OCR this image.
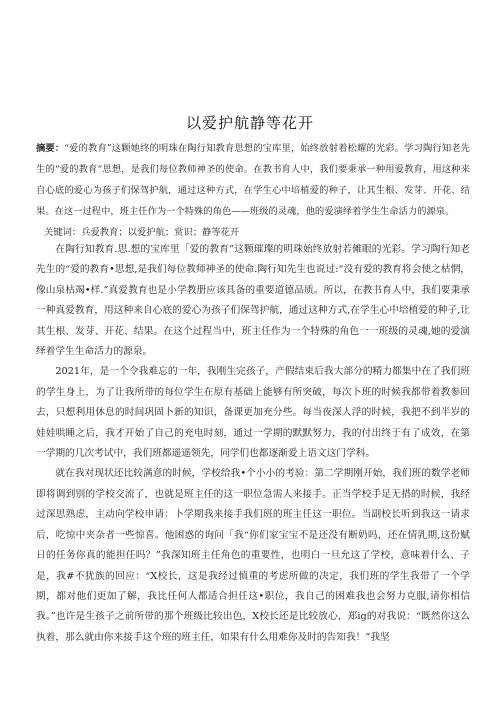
以爱护航静等花开
摘要：“爱的教育”这颗她终的明珠在陶行知教育思想的宝库里，始终放射着松耀的光彩。学习陶行知老先生的“爱的教育“思想，是我们每位教师神圣的使命。在教书育人中，我们要秉承一种用爱教育，用这种来自心底的爱心为孩子们保驾护航，通过这种方式，在学生心中培植爱的种子，让其生根、发芽、开花、结果。在这一过程中，班主任作为一个特殊的角色——班级的灵魂，他的爱演绎着学生生命活力的源泉。
关键词：兵爱教育；以爱护航；赏识；静等花开

在陶行知教育.思.想的宝库里「爱的教育”这颗璀璨的明珠始终放射若傩眼的光彩。学习陶行知老先生的“爱的教育•思想,是我们每位教师神圣的使命.陶行知先生也说过:“没有爱的教育将会使之枯惘，像山泉枯竭•样.”真爱教育也是小学教册应该具备的重要道德品质。所以，在教书育人中，我们要秉承一种真爱教育，用这种来自心底的爱心为孩子们保驾护航，通过这种方式,在学生心中培植爱的种子,让其生根、发芽、开花、结果。在这个过程当中，班主任作为一个特殊的角色一一班级的灵魂,她的爱演绎着学生生命活力的源泉。

2021年，是一个令我难忘的一年，我刚生完孩子，产假结束后我大部分的精力都集中在了我们班的学生身上，为了让我所带的每位学生在原有基础上能够有所突破，每次卜班的时候我都带着教参回去，只想利用休息的时间巩固卜新的知识，备课更加充分些。每当夜深人浮的时候，我把不到半岁的娃娃哄睡之后，我才开始了自己的充电时刻，通过一学期的默默努力，我的付出终于有了成效，在第一学期的几次考试中，我们班都遥遥领先，同学们也都逐渐爱上语文这门学科。

就在我对现状还比较满意的时候，学校给我•个小小的考验：第二学期刚开始，我们班的数学老师即将调到别的学校交流了，也就是班主任的这一职位急需人来接手。正当学校手足无措的时候，我经过深思熟虑，主动向学校申请：卜学期我来接手我们班的班主任这一职位。当副校长听到我这一请求后，吃惊中夹杂者一些惊喜。他困惑的询问「我“你们家宝宝不是还没有断奶吗，还在情乳期,这份赋日的任务你真的能担任吗？”我深知班主任角色的重要性，也明白一旦允这了学校，意味着什么、子是，我#不犹族的回应：“X校长，这是我经过慎重的考虑所做的决定，我们班的学生我带了一个学期，都对他们更加了解，我比任何人都适合担任这•职位，我自己的困难我也会努力克服,请你相信我。”也许是生孩子之前所带的那个班级比较出色，X校长还是比较放心，郑ig的对我说：“既然你这么执着，那么就由你来接手这个班的班主任，如果有什么用难你及时的告知我！”我坚
